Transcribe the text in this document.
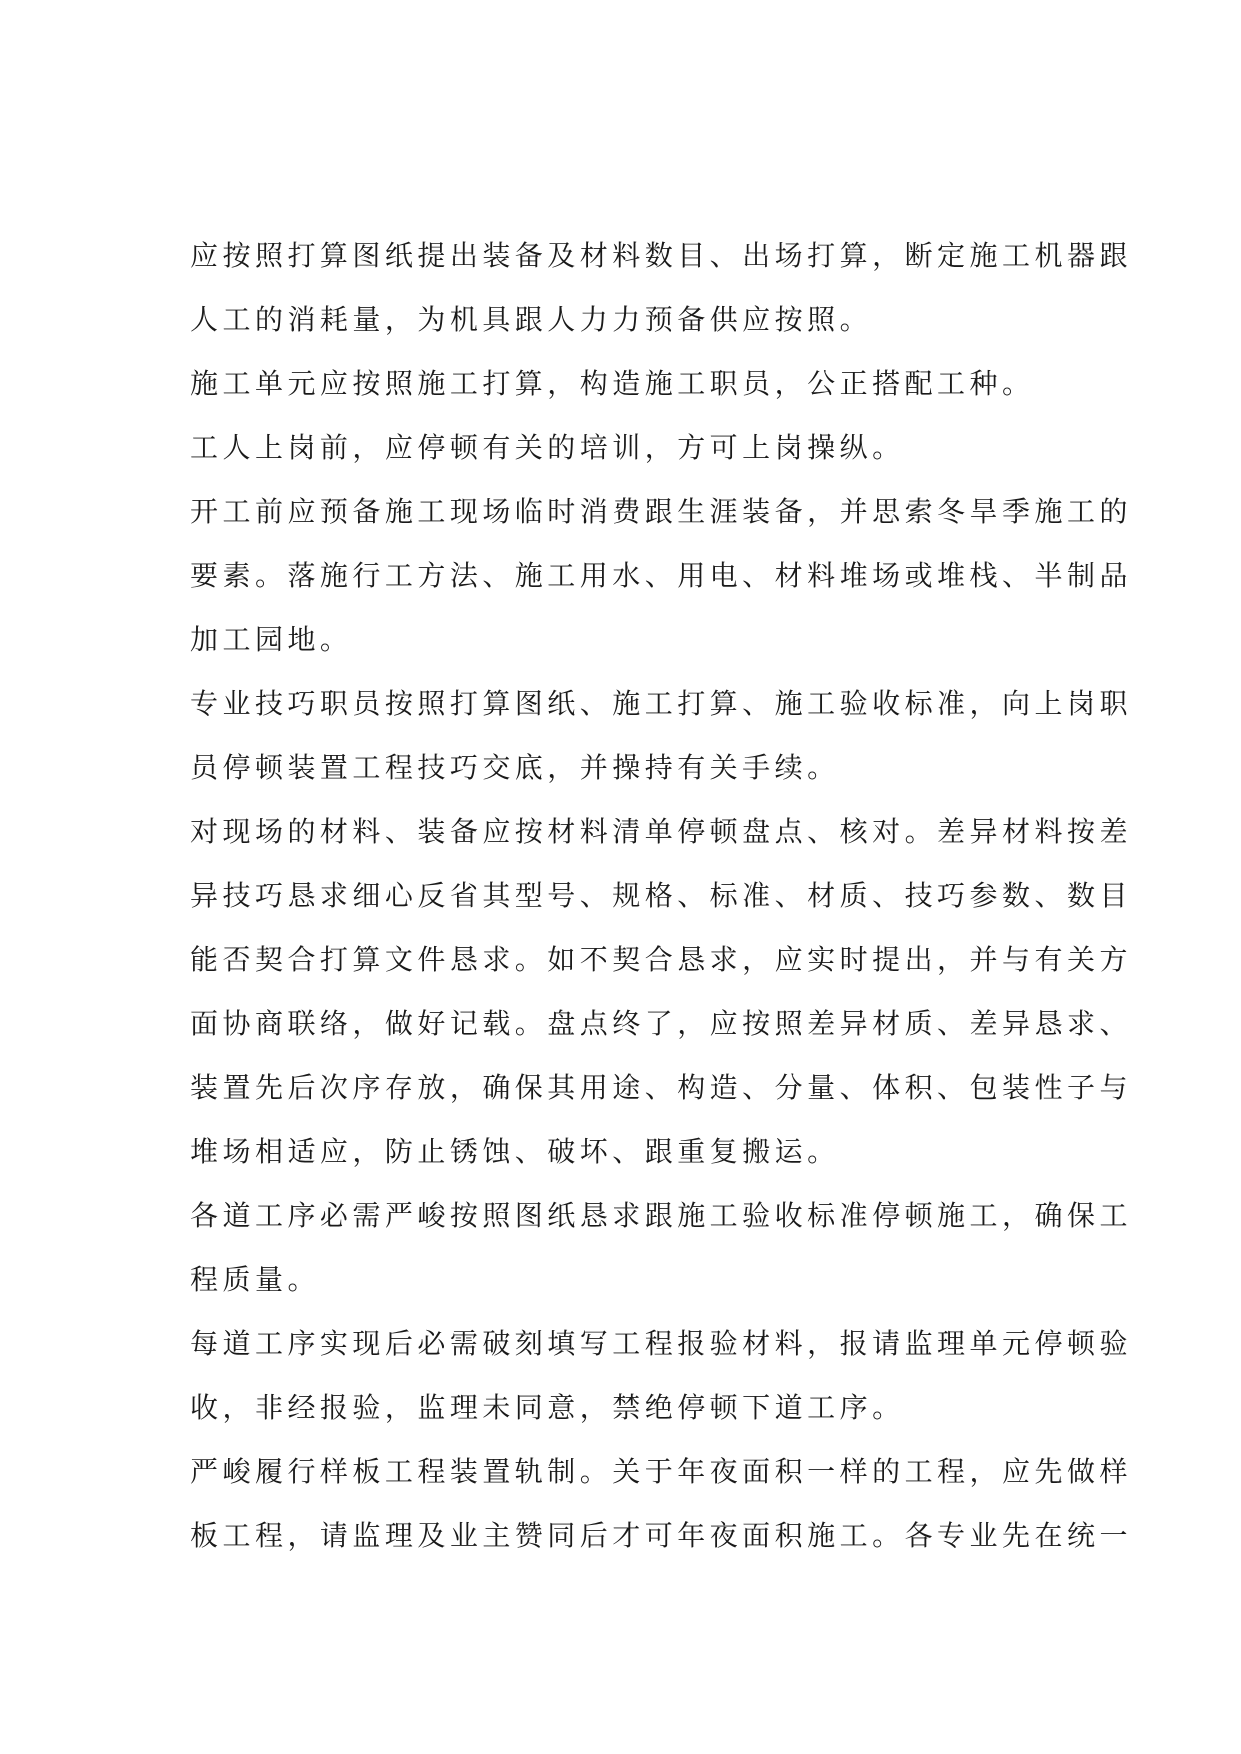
应按照打算图纸提出装备及材料数目、出场打算，断定施工机器跟
人工的消耗量，为机具跟人力力预备供应按照。
施工单元应按照施工打算，构造施工职员，公正搭配工种。
工人上岗前，应停顿有关的培训，方可上岗操纵。
开工前应预备施工现场临时消费跟生涯装备，并思索冬旱季施工的
要素。落施行工方法、施工用水、用电、材料堆场或堆栈、半制品
加工园地。
专业技巧职员按照打算图纸、施工打算、施工验收标准，向上岗职
员停顿装置工程技巧交底，并操持有关手续。
对现场的材料、装备应按材料清单停顿盘点、核对。差异材料按差
异技巧恳求细心反省其型号、规格、标准、材质、技巧参数、数目
能否契合打算文件恳求。如不契合恳求，应实时提出，并与有关方
面协商联络，做好记载。盘点终了，应按照差异材质、差异恳求、
装置先后次序存放，确保其用途、构造、分量、体积、包装性子与
堆场相适应，防止锈蚀、破坏、跟重复搬运。
各道工序必需严峻按照图纸恳求跟施工验收标准停顿施工，确保工
程质量。
每道工序实现后必需破刻填写工程报验材料，报请监理单元停顿验
收，非经报验，监理未同意，禁绝停顿下道工序。
严峻履行样板工程装置轨制。关于年夜面积一样的工程，应先做样
板工程，请监理及业主赞同后才可年夜面积施工。各专业先在统一
